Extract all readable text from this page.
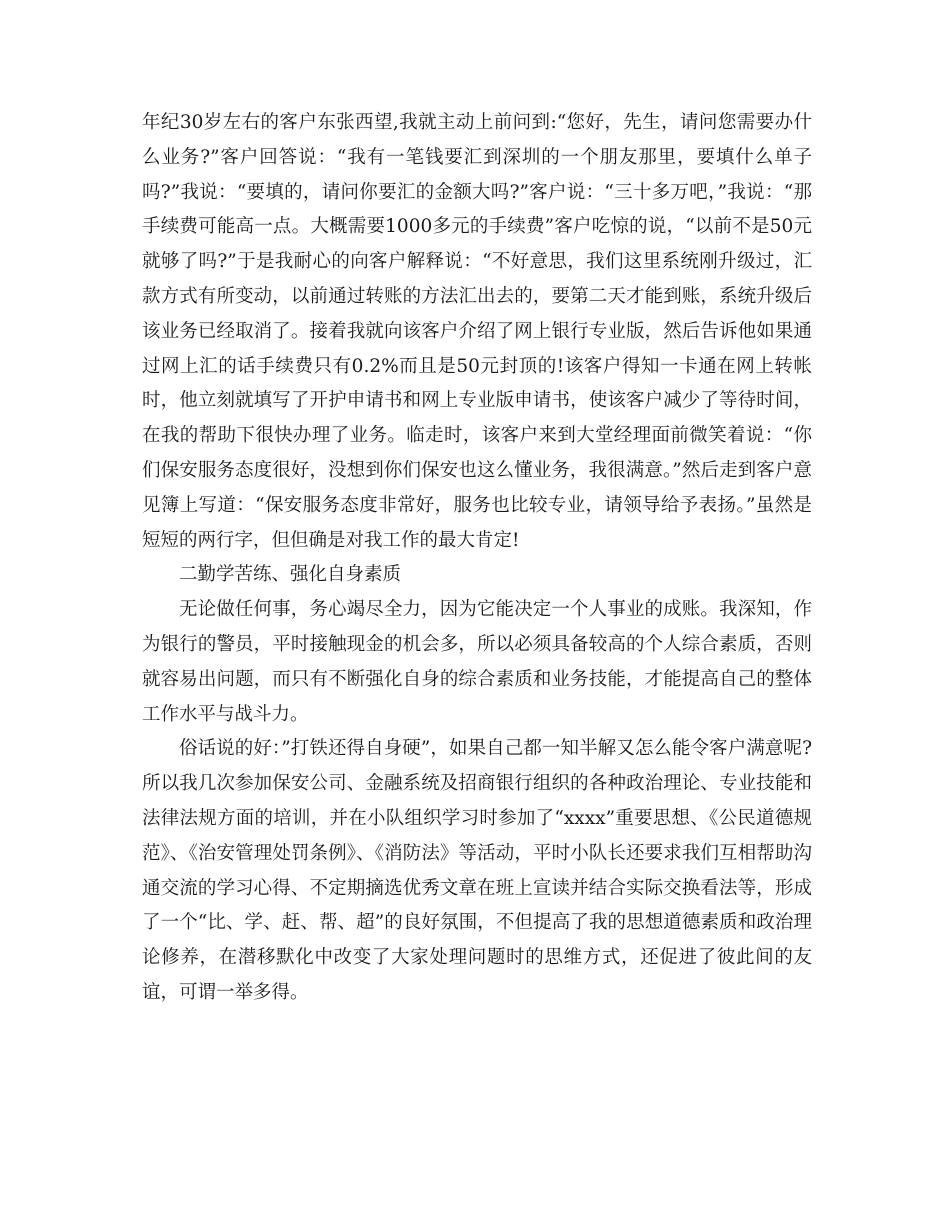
年纪30岁左右的客户东张西望,我就主动上前问到:“您好，先生，请问您需要办什么业务?”客户回答说：“我有一笔钱要汇到深圳的一个朋友那里，要填什么单子吗?”我说：“要填的，请问你要汇的金额大吗?”客户说：“三十多万吧，”我说：“那手续费可能高一点。大概需要1000多元的手续费”客户吃惊的说，“以前不是50元就够了吗?”于是我耐心的向客户解释说：“不好意思，我们这里系统刚升级过，汇款方式有所变动，以前通过转账的方法汇出去的，要第二天才能到账，系统升级后该业务已经取消了。接着我就向该客户介绍了网上银行专业版，然后告诉他如果通过网上汇的话手续费只有0.2%而且是50元封顶的!该客户得知一卡通在网上转帐时，他立刻就填写了开护申请书和网上专业版申请书，使该客户减少了等待时间，在我的帮助下很快办理了业务。临走时，该客户来到大堂经理面前微笑着说：“你们保安服务态度很好，没想到你们保安也这么懂业务，我很满意。”然后走到客户意见簿上写道：“保安服务态度非常好，服务也比较专业，请领导给予表扬。”虽然是短短的两行字，但但确是对我工作的最大肯定!

二勤学苦练、强化自身素质

无论做任何事，务心竭尽全力，因为它能决定一个人事业的成账。我深知，作为银行的警员，平时接触现金的机会多，所以必须具备较高的个人综合素质，否则就容易出问题，而只有不断强化自身的综合素质和业务技能，才能提高自己的整体工作水平与战斗力。

俗话说的好：”打铁还得自身硬”，如果自己都一知半解又怎么能令客户满意呢?所以我几次参加保安公司、金融系统及招商银行组织的各种政治理论、专业技能和法律法规方面的培训，并在小队组织学习时参加了“xxxx”重要思想、《公民道德规范》、《治安管理处罚条例》、《消防法》等活动，平时小队长还要求我们互相帮助沟通交流的学习心得、不定期摘选优秀文章在班上宣读并结合实际交换看法等，形成了一个“比、学、赶、帮、超”的良好氛围，不但提高了我的思想道德素质和政治理论修养，在潜移默化中改变了大家处理问题时的思维方式，还促进了彼此间的友谊，可谓一举多得。
